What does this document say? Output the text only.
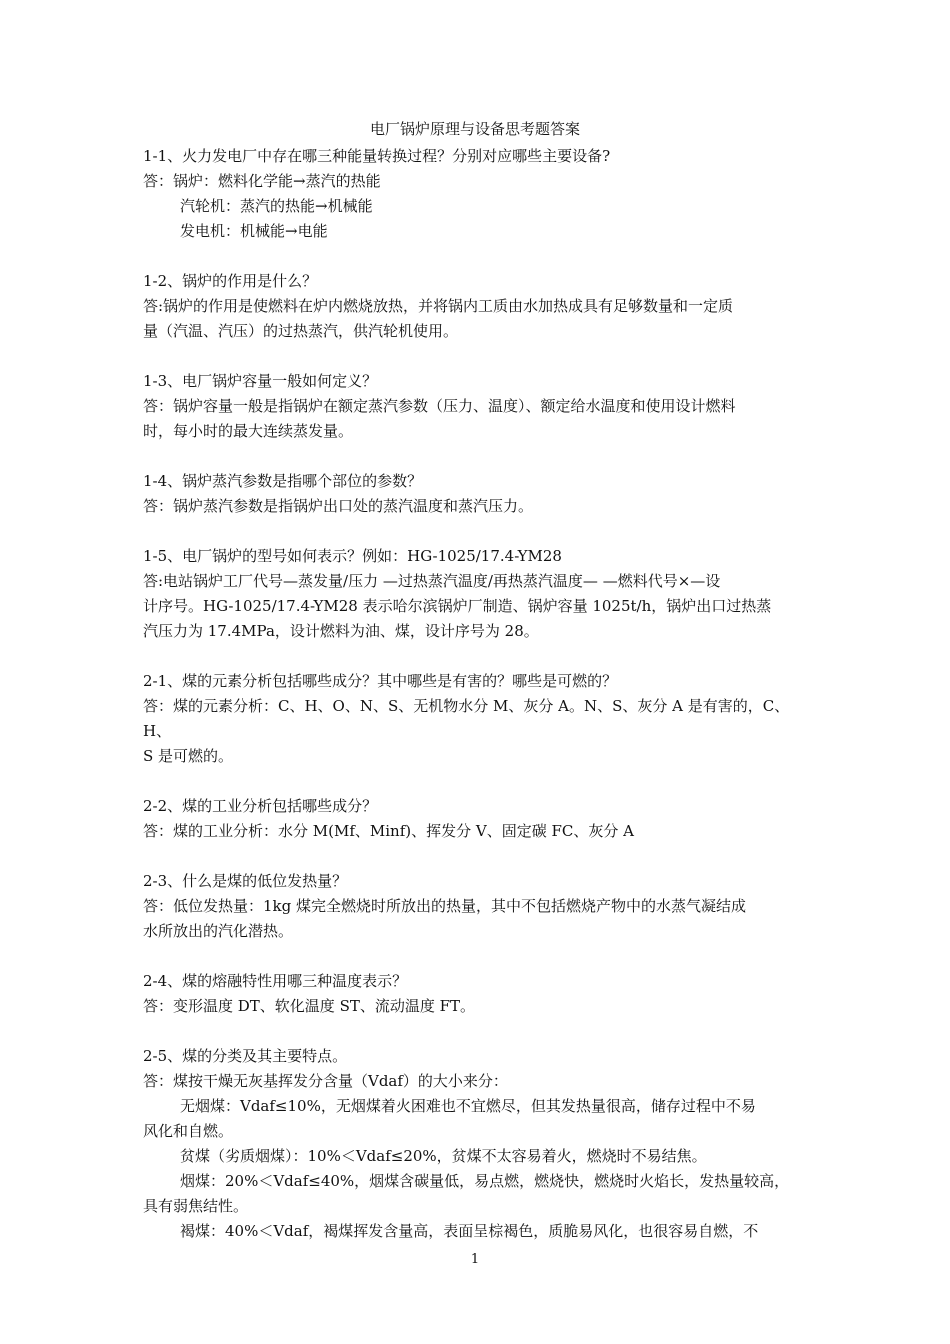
电厂锅炉原理与设备思考题答案
1-1、火力发电厂中存在哪三种能量转换过程？分别对应哪些主要设备?
答：锅炉：燃料化学能→蒸汽的热能
汽轮机：蒸汽的热能→机械能
发电机：机械能→电能
1-2、锅炉的作用是什么？
答:锅炉的作用是使燃料在炉内燃烧放热，并将锅内工质由水加热成具有足够数量和一定质
量（汽温、汽压）的过热蒸汽，供汽轮机使用。
1-3、电厂锅炉容量一般如何定义？
答：锅炉容量一般是指锅炉在额定蒸汽参数（压力、温度）、额定给水温度和使用设计燃料
时，每小时的最大连续蒸发量。
1-4、锅炉蒸汽参数是指哪个部位的参数？
答：锅炉蒸汽参数是指锅炉出口处的蒸汽温度和蒸汽压力。
1-5、电厂锅炉的型号如何表示？例如：HG-1025/17.4-YM28
答:电站锅炉工厂代号—蒸发量/压力 —过热蒸汽温度/再热蒸汽温度— —燃料代号×—设
计序号。HG-1025/17.4-YM28 表示哈尔滨锅炉厂制造、锅炉容量 1025t/h，锅炉出口过热蒸
汽压力为 17.4MPa，设计燃料为油、煤，设计序号为 28。
2-1、煤的元素分析包括哪些成分？其中哪些是有害的？哪些是可燃的？
答：煤的元素分析：C、H、O、N、S、无机物水分 M、灰分 A。N、S、灰分 A 是有害的，C、H、
S 是可燃的。
2-2、煤的工业分析包括哪些成分？
答：煤的工业分析：水分 M(Mf、Minf)、挥发分 V、固定碳 FC、灰分 A
2-3、什么是煤的低位发热量？
答：低位发热量：1kg 煤完全燃烧时所放出的热量，其中不包括燃烧产物中的水蒸气凝结成
水所放出的汽化潜热。
2-4、煤的熔融特性用哪三种温度表示？
答：变形温度 DT、软化温度 ST、流动温度 FT。
2-5、煤的分类及其主要特点。
答：煤按干燥无灰基挥发分含量（Vdaf）的大小来分：
无烟煤：Vdaf≤10%，无烟煤着火困难也不宜燃尽，但其发热量很高，储存过程中不易
风化和自燃。
贫煤（劣质烟煤）：10%＜Vdaf≤20%，贫煤不太容易着火，燃烧时不易结焦。
烟煤：20%＜Vdaf≤40%，烟煤含碳量低，易点燃，燃烧快，燃烧时火焰长，发热量较高，
具有弱焦结性。
褐煤：40%＜Vdaf，褐煤挥发含量高，表面呈棕褐色，质脆易风化，也很容易自燃，不
1
